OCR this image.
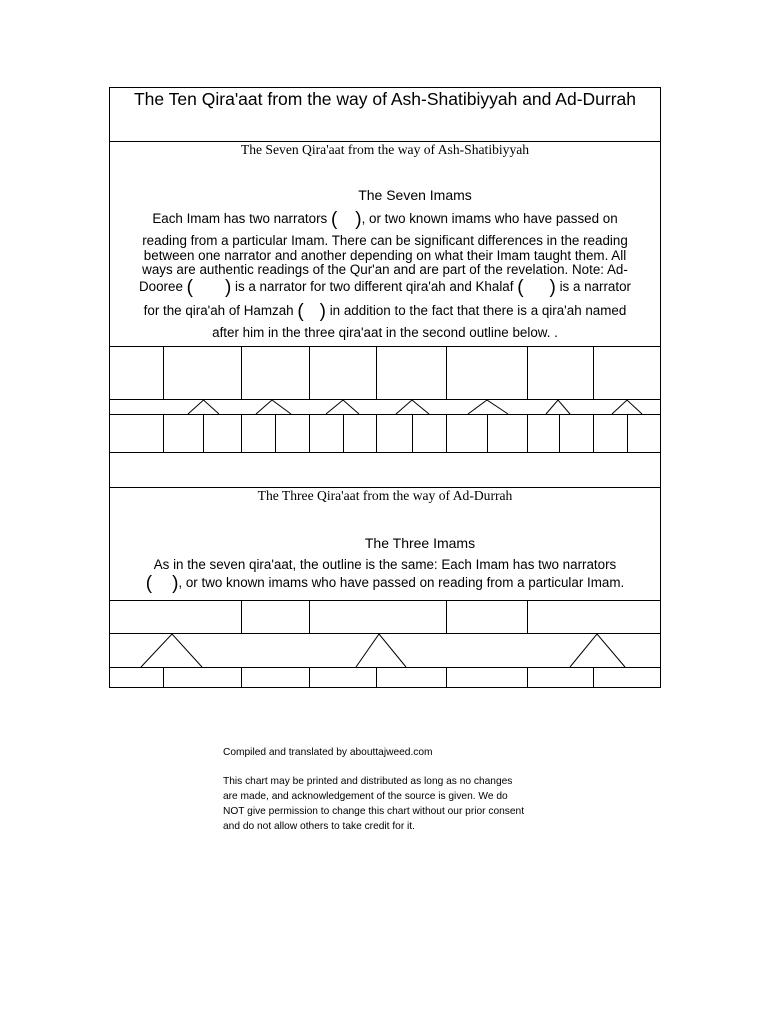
The Ten Qira'aat from the way of Ash-Shatibiyyah and Ad-Durrah
The Seven Qira'aat from the way of Ash-Shatibiyyah
The Seven Imams
Each Imam has two narrators ( ), or two known imams who have passed on
reading from a particular Imam. There can be significant differences in the reading
between one narrator and another depending on what their Imam taught them. All
ways are authentic readings of the Qur'an and are part of the revelation. Note: Ad-
Dooree ( ) is a narrator for two different qira'ah and Khalaf ( ) is a narrator
for the qira'ah of Hamzah ( ) in addition to the fact that there is a qira'ah named
after him in the three qira'aat in the second outline below. .
The Three Qira'aat from the way of Ad-Durrah
The Three Imams
As in the seven qira'aat, the outline is the same: Each Imam has two narrators
( ), or two known imams who have passed on reading from a particular Imam.

Compiled and translated by abouttajweed.com

This chart may be printed and distributed as long as no changes
are made, and acknowledgement of the source is given. We do
NOT give permission to change this chart without our prior consent
and do not allow others to take credit for it.
